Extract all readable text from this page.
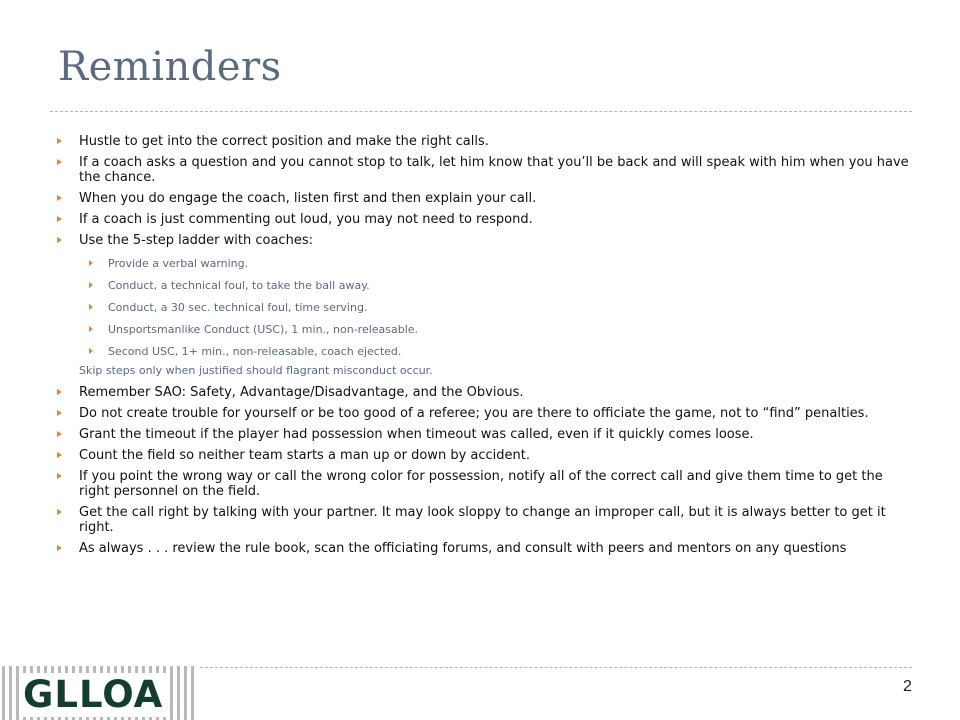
Reminders
Hustle to get into the correct position and make the right calls.
If a coach asks a question and you cannot stop to talk, let him know that you’ll be back and will speak with him when you have the chance.
When you do engage the coach, listen first and then explain your call.
If a coach is just commenting out loud, you may not need to respond.
Use the 5-step ladder with coaches:
Provide a verbal warning.
Conduct, a technical foul, to take the ball away.
Conduct, a 30 sec. technical foul, time serving.
Unsportsmanlike Conduct (USC), 1 min., non-releasable.
Second USC, 1+ min., non-releasable, coach ejected.
Skip steps only when justified should flagrant misconduct occur.
Remember SAO: Safety, Advantage/Disadvantage, and the Obvious.
Do not create trouble for yourself or be too good of a referee; you are there to officiate the game, not to “find” penalties.
Grant the timeout if the player had possession when timeout was called, even if it quickly comes loose.
Count the field so neither team starts a man up or down by accident.
If you point the wrong way or call the wrong color for possession, notify all of the correct call and give them time to get the right personnel on the field.
Get the call right by talking with your partner. It may look sloppy to change an improper call, but it is always better to get it right.
As always . . . review the rule book, scan the officiating forums, and consult with peers and mentors on any questions
GLLOA	2
